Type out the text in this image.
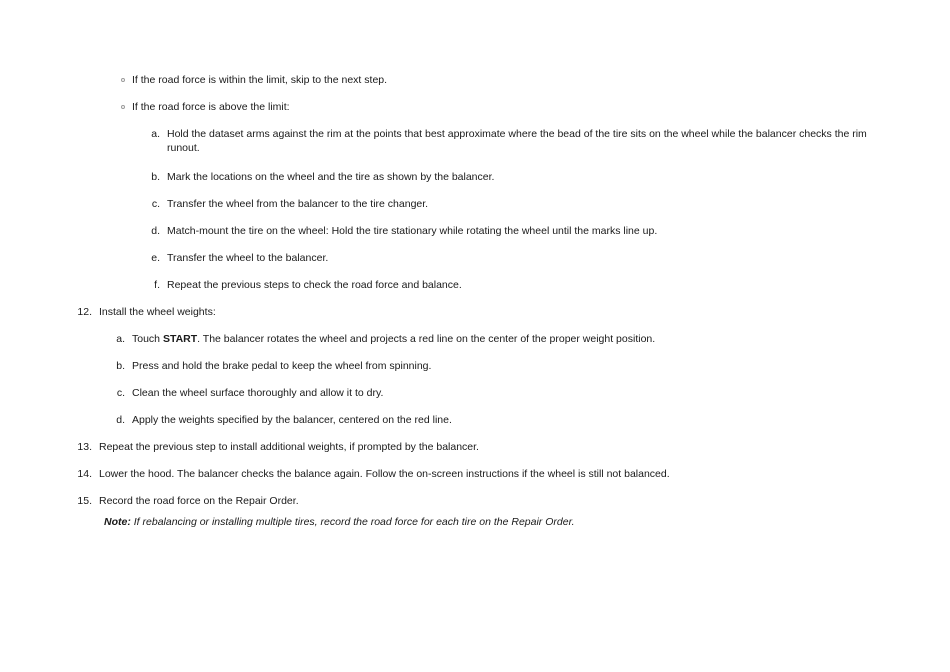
If the road force is within the limit, skip to the next step.
If the road force is above the limit:
a. Hold the dataset arms against the rim at the points that best approximate where the bead of the tire sits on the wheel while the balancer checks the rim runout.
b. Mark the locations on the wheel and the tire as shown by the balancer.
c. Transfer the wheel from the balancer to the tire changer.
d. Match-mount the tire on the wheel: Hold the tire stationary while rotating the wheel until the marks line up.
e. Transfer the wheel to the balancer.
f. Repeat the previous steps to check the road force and balance.
12. Install the wheel weights:
a. Touch START. The balancer rotates the wheel and projects a red line on the center of the proper weight position.
b. Press and hold the brake pedal to keep the wheel from spinning.
c. Clean the wheel surface thoroughly and allow it to dry.
d. Apply the weights specified by the balancer, centered on the red line.
13. Repeat the previous step to install additional weights, if prompted by the balancer.
14. Lower the hood. The balancer checks the balance again. Follow the on-screen instructions if the wheel is still not balanced.
15. Record the road force on the Repair Order.
Note: If rebalancing or installing multiple tires, record the road force for each tire on the Repair Order.
